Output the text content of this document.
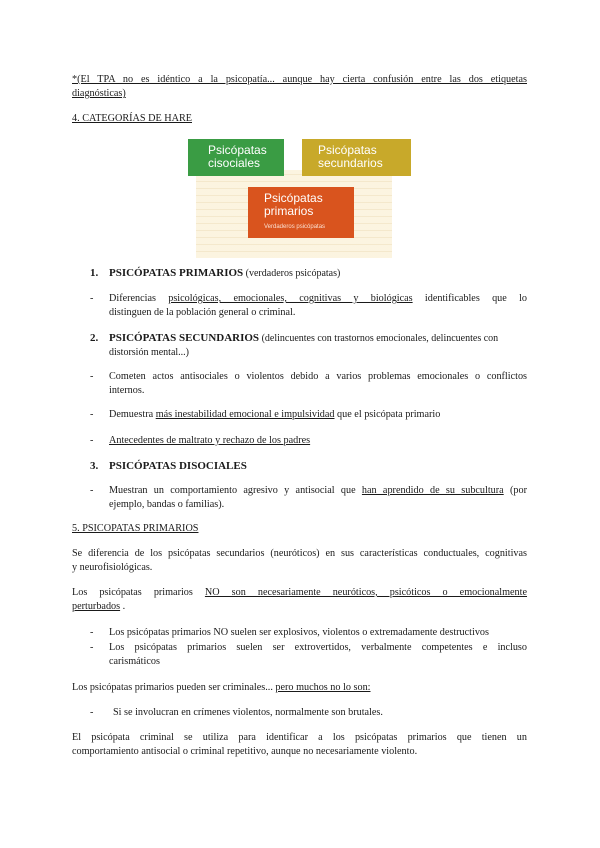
*(El TPA no es idéntico a la psicopatía... aunque hay cierta confusión entre las dos etiquetas
diagnósticas)
4. CATEGORÍAS DE HARE
Psicópatas
cisociales
Psicópatas
secundarios
Psicópatas
primarios
Verdaderos psicópatas
1. PSICÓPATAS PRIMARIOS (verdaderos psicópatas)
- Diferencias psicológicas, emocionales, cognitivas y biológicas identificables que lo
distinguen de la población general o criminal.
2. PSICÓPATAS SECUNDARIOS (delincuentes con trastornos emocionales, delincuentes con
distorsión mental...)
- Cometen actos antisociales o violentos debido a varios problemas emocionales o conflictos
internos.
- Demuestra más inestabilidad emocional e impulsividad que el psicópata primario
- Antecedentes de maltrato y rechazo de los padres
3. PSICÓPATAS DISOCIALES
- Muestran un comportamiento agresivo y antisocial que han aprendido de su subcultura (por
ejemplo, bandas o familias).
5. PSICOPATAS PRIMARIOS
Se diferencia de los psicópatas secundarios (neuróticos) en sus características conductuales, cognitivas
y neurofisiológicas.
Los psicópatas primarios NO son necesariamente neuróticos, psicóticos o emocionalmente
perturbados .
- Los psicópatas primarios NO suelen ser explosivos, violentos o extremadamente destructivos
- Los psicópatas primarios suelen ser extrovertidos, verbalmente competentes e incluso
carismáticos
Los psicópatas primarios pueden ser criminales... pero muchos no lo son:
- Si se involucran en crímenes violentos, normalmente son brutales.
El psicópata criminal se utiliza para identificar a los psicópatas primarios que tienen un
comportamiento antisocial o criminal repetitivo, aunque no necesariamente violento.
